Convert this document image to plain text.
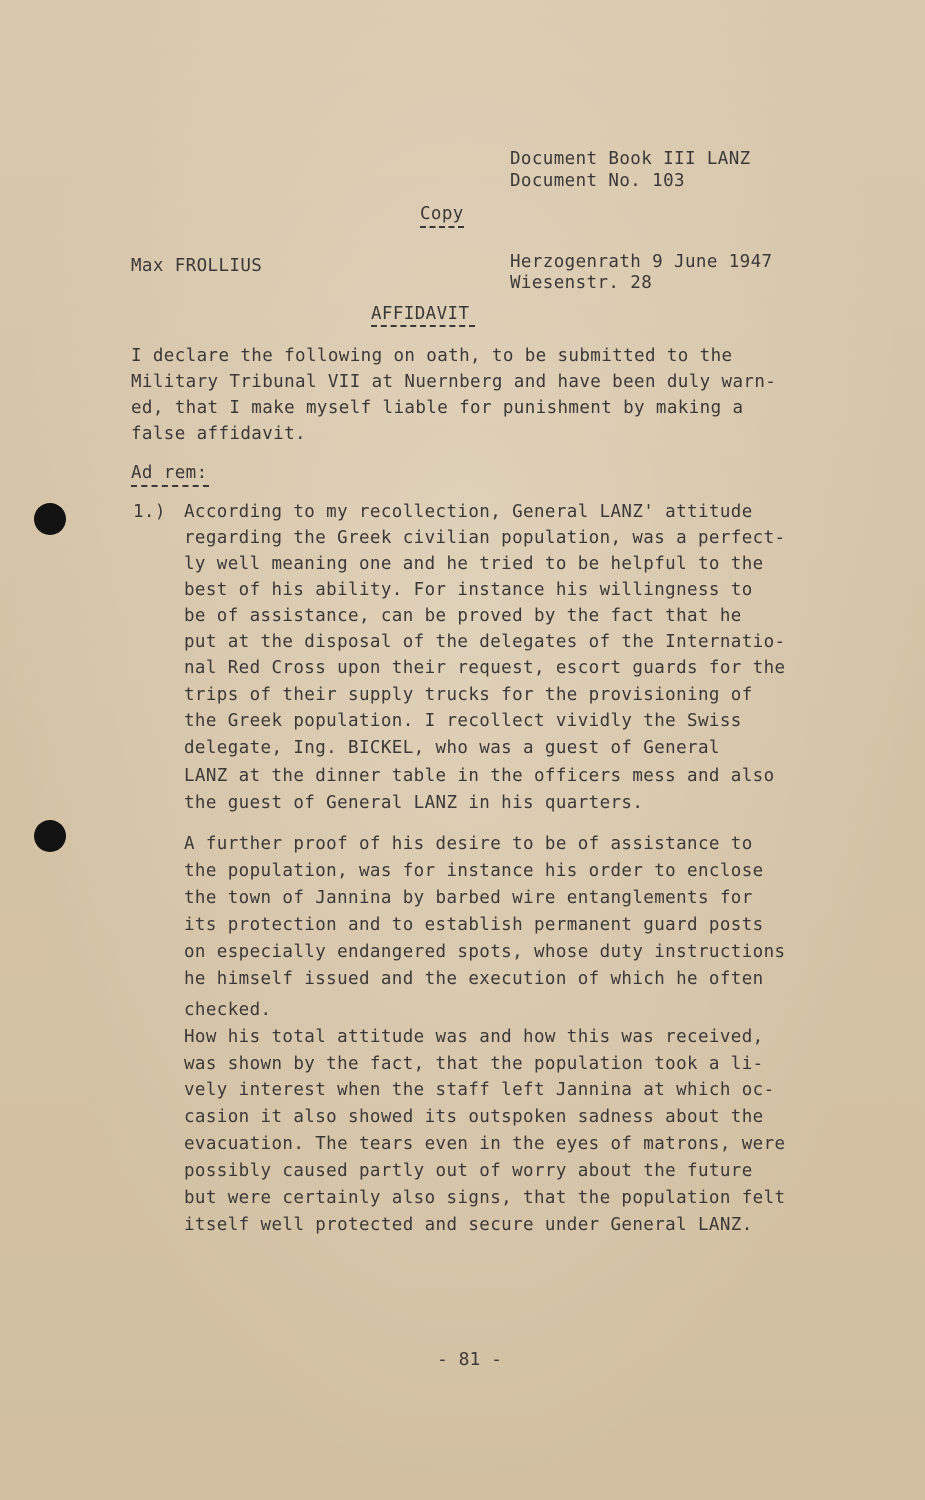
Document Book III LANZ
Document No. 103
Copy
Max FROLLIUS	Herzogenrath 9 June 1947
Wiesenstr. 28
AFFIDAVIT
I declare the following on oath, to be submitted to the
Military Tribunal VII at Nuernberg and have been duly warn-
ed, that I make myself liable for punishment by making a
false affidavit.
Ad rem:
1.) According to my recollection, General LANZ' attitude
regarding the Greek civilian population, was a perfect-
ly well meaning one and he tried to be helpful to the
best of his ability. For instance his willingness to
be of assistance, can be proved by the fact that he
put at the disposal of the delegates of the Internatio-
nal Red Cross upon their request, escort guards for the
trips of their supply trucks for the provisioning of
the Greek population. I recollect vividly the Swiss
delegate, Ing. BICKEL, who was a guest of General
LANZ at the dinner table in the officers mess and also
the guest of General LANZ in his quarters.
A further proof of his desire to be of assistance to
the population, was for instance his order to enclose
the town of Jannina by barbed wire entanglements for
its protection and to establish permanent guard posts
on especially endangered spots, whose duty instructions
he himself issued and the execution of which he often
checked.
How his total attitude was and how this was received,
was shown by the fact, that the population took a li-
vely interest when the staff left Jannina at which oc-
casion it also showed its outspoken sadness about the
evacuation. The tears even in the eyes of matrons, were
possibly caused partly out of worry about the future
but were certainly also signs, that the population felt
itself well protected and secure under General LANZ.
- 81 -
